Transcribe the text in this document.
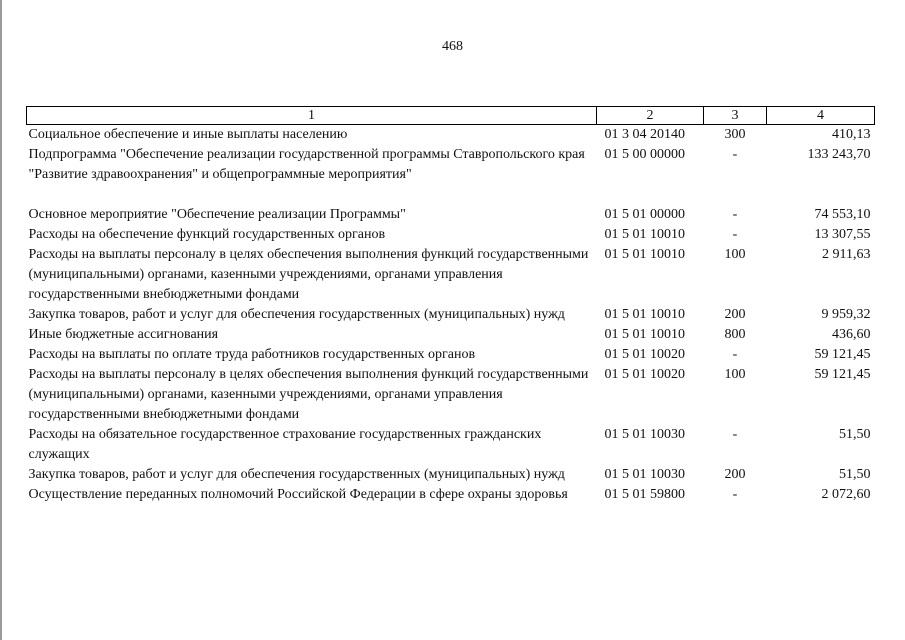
468
1	2	3	4
Социальное обеспечение и иные выплаты населению	01 3 04 20140	300	410,13
Подпрограмма "Обеспечение реализации государственной программы Ставропольского края "Развитие здравоохранения" и общепрограммные мероприятия"	01 5 00 00000	-	133 243,70

Основное мероприятие "Обеспечение реализации Программы"	01 5 01 00000	-	74 553,10
Расходы на обеспечение функций государственных органов	01 5 01 10010	-	13 307,55
Расходы на выплаты персоналу в целях обеспечения выполнения функций государственными (муниципальными) органами, казенными учреждениями, органами управления государственными внебюджетными фондами	01 5 01 10010	100	2 911,63
Закупка товаров, работ и услуг для обеспечения государственных (муниципальных) нужд	01 5 01 10010	200	9 959,32
Иные бюджетные ассигнования	01 5 01 10010	800	436,60
Расходы на выплаты по оплате труда работников государственных органов	01 5 01 10020	-	59 121,45
Расходы на выплаты персоналу в целях обеспечения выполнения функций государственными (муниципальными) органами, казенными учреждениями, органами управления государственными внебюджетными фондами	01 5 01 10020	100	59 121,45
Расходы на обязательное государственное страхование государственных гражданских служащих	01 5 01 10030	-	51,50
Закупка товаров, работ и услуг для обеспечения государственных (муниципальных) нужд	01 5 01 10030	200	51,50
Осуществление переданных полномочий Российской Федерации в сфере охраны здоровья	01 5 01 59800	-	2 072,60
